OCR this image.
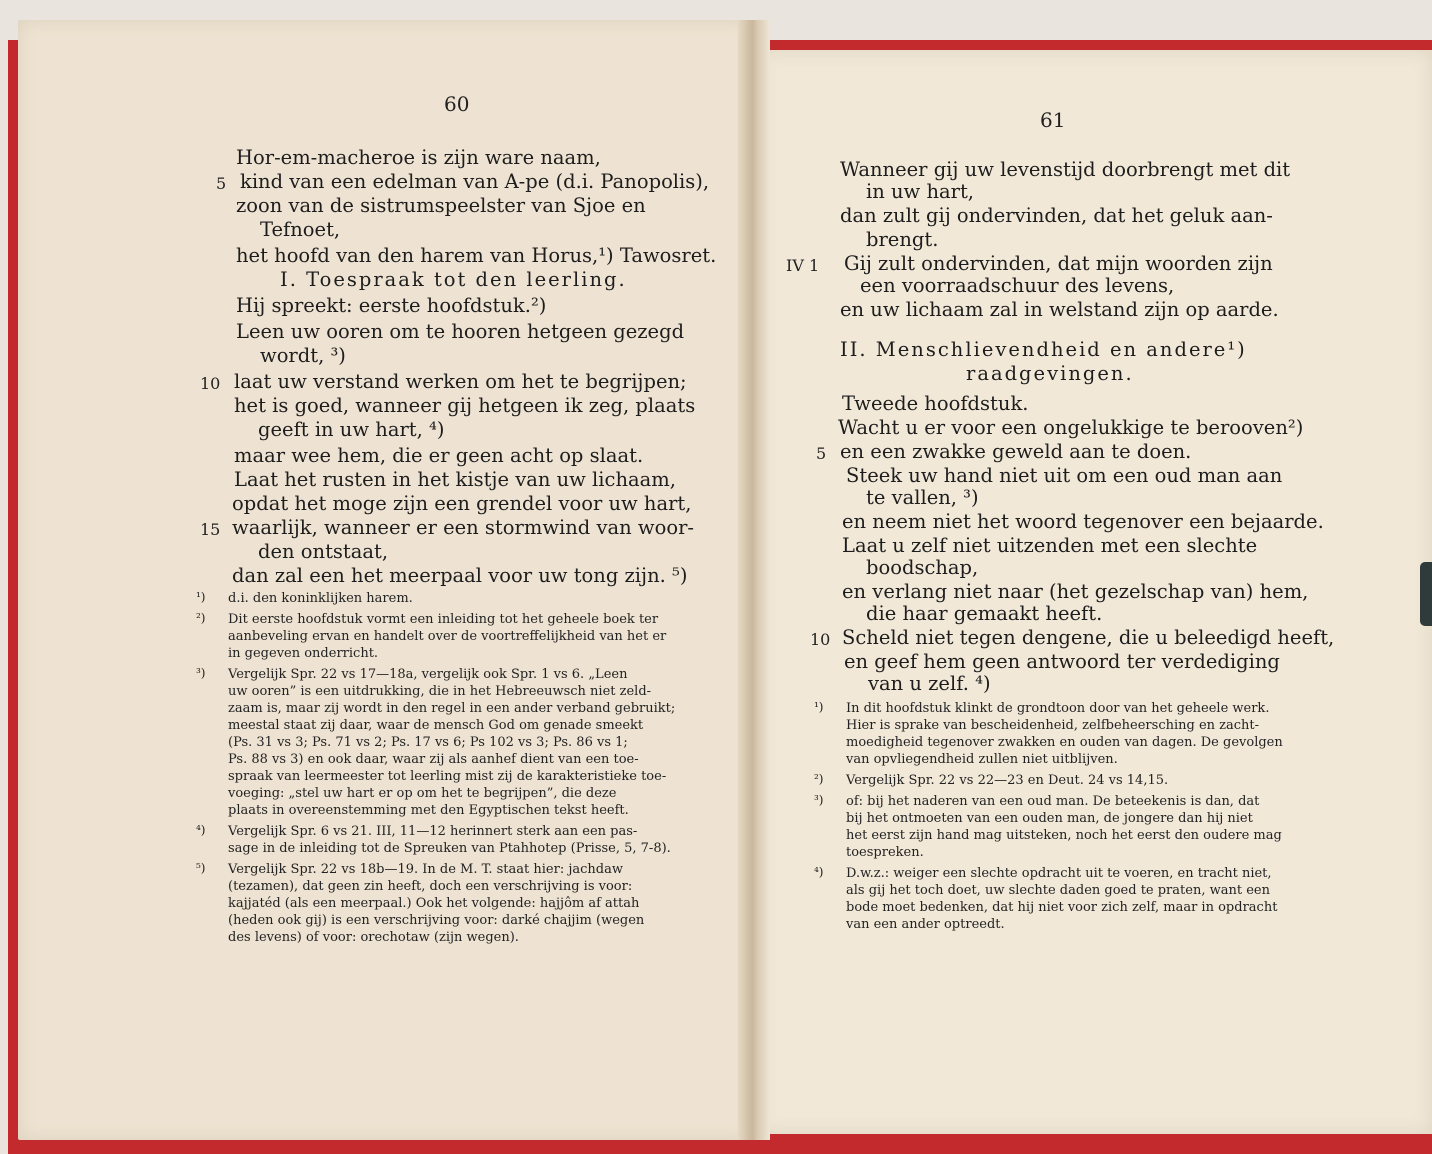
60
Hor-em-macheroe is zijn ware naam,
kind van een edelman van A-pe (d.i. Panopolis),
5
zoon van de sistrumspeelster van Sjoe en
Tefnoet,
het hoofd van den harem van Horus,¹) Tawosret.
I. Toespraak tot den leerling.
Hij spreekt: eerste hoofdstuk.²)
Leen uw ooren om te hooren hetgeen gezegd
wordt, ³)
laat uw verstand werken om het te begrijpen;
10
het is goed, wanneer gij hetgeen ik zeg, plaats
geeft in uw hart, ⁴)
maar wee hem, die er geen acht op slaat.
Laat het rusten in het kistje van uw lichaam,
opdat het moge zijn een grendel voor uw hart,
waarlijk, wanneer er een stormwind van woor-
15
den ontstaat,
dan zal een het meerpaal voor uw tong zijn. ⁵)
¹) d.i. den koninklijken harem.
²) Dit eerste hoofdstuk vormt een inleiding tot het geheele boek ter
aanbeveling ervan en handelt over de voortreffelijkheid van het er
in gegeven onderricht.
³) Vergelijk Spr. 22 vs 17—18a, vergelijk ook Spr. 1 vs 6. „Leen
uw ooren” is een uitdrukking, die in het Hebreeuwsch niet zeld-
zaam is, maar zij wordt in den regel in een ander verband gebruikt;
meestal staat zij daar, waar de mensch God om genade smeekt
(Ps. 31 vs 3; Ps. 71 vs 2; Ps. 17 vs 6; Ps 102 vs 3; Ps. 86 vs 1;
Ps. 88 vs 3) en ook daar, waar zij als aanhef dient van een toe-
spraak van leermeester tot leerling mist zij de karakteristieke toe-
voeging: „stel uw hart er op om het te begrijpen”, die deze
plaats in overeenstemming met den Egyptischen tekst heeft.
⁴) Vergelijk Spr. 6 vs 21. III, 11—12 herinnert sterk aan een pas-
sage in de inleiding tot de Spreuken van Ptahhotep (Prisse, 5, 7-8).
⁵) Vergelijk Spr. 22 vs 18b—19. In de M. T. staat hier: jachdaw
(tezamen), dat geen zin heeft, doch een verschrijving is voor:
kajjatéd (als een meerpaal.) Ook het volgende: hajjôm af attah
(heden ook gij) is een verschrijving voor: darké chajjim (wegen
des levens) of voor: orechotaw (zijn wegen).
61
Wanneer gij uw levenstijd doorbrengt met dit
in uw hart,
dan zult gij ondervinden, dat het geluk aan-
brengt.
Gij zult ondervinden, dat mijn woorden zijn
IV 1
een voorraadschuur des levens,
en uw lichaam zal in welstand zijn op aarde.
II. Menschlievendheid en andere¹)
raadgevingen.
Tweede hoofdstuk.
Wacht u er voor een ongelukkige te berooven²)
en een zwakke geweld aan te doen.
5
Steek uw hand niet uit om een oud man aan
te vallen, ³)
en neem niet het woord tegenover een bejaarde.
Laat u zelf niet uitzenden met een slechte
boodschap,
en verlang niet naar (het gezelschap van) hem,
die haar gemaakt heeft.
Scheld niet tegen dengene, die u beleedigd heeft,
10
en geef hem geen antwoord ter verdediging
van u zelf. ⁴)
¹) In dit hoofdstuk klinkt de grondtoon door van het geheele werk.
Hier is sprake van bescheidenheid, zelfbeheersching en zacht-
moedigheid tegenover zwakken en ouden van dagen. De gevolgen
van opvliegendheid zullen niet uitblijven.
²) Vergelijk Spr. 22 vs 22—23 en Deut. 24 vs 14,15.
³) of: bij het naderen van een oud man. De beteekenis is dan, dat
bij het ontmoeten van een ouden man, de jongere dan hij niet
het eerst zijn hand mag uitsteken, noch het eerst den oudere mag
toespreken.
⁴) D.w.z.: weiger een slechte opdracht uit te voeren, en tracht niet,
als gij het toch doet, uw slechte daden goed te praten, want een
bode moet bedenken, dat hij niet voor zich zelf, maar in opdracht
van een ander optreedt.
